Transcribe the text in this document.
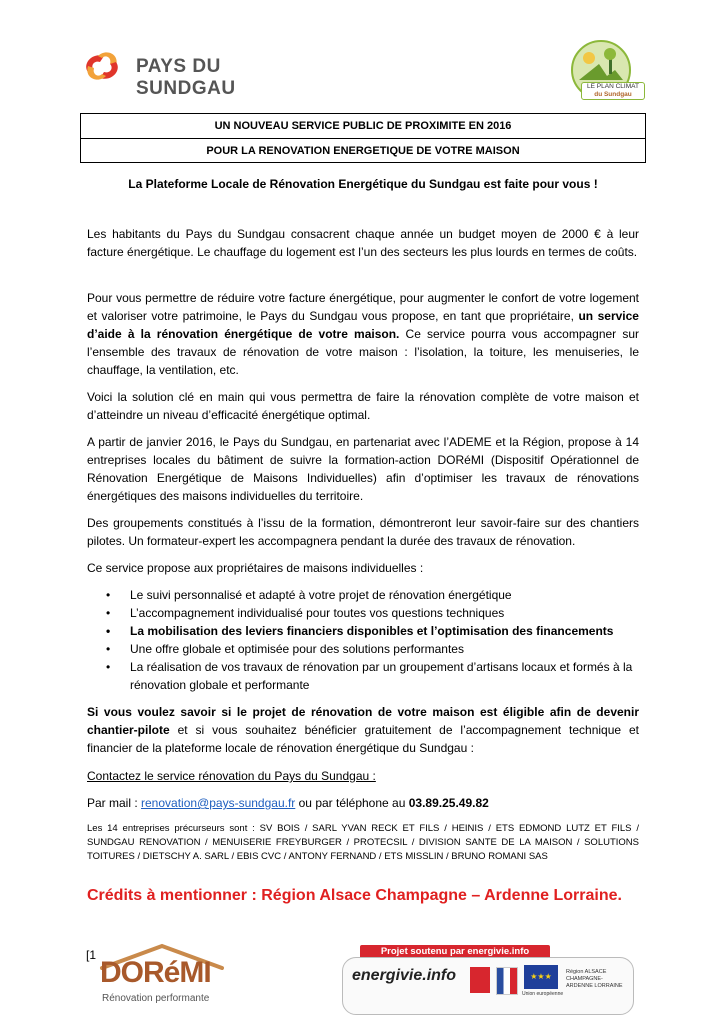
PAYS DU SUNDGAU	LE PLAN CLIMAT
du Sundgau
UN NOUVEAU SERVICE PUBLIC DE PROXIMITE EN 2016
POUR LA RENOVATION ENERGETIQUE DE VOTRE MAISON
La Plateforme Locale de Rénovation Energétique du Sundgau est faite pour vous !
Les habitants du Pays du Sundgau consacrent chaque année un budget moyen de 2000 € à leur facture énergétique. Le chauffage du logement est l’un des secteurs les plus lourds en termes de coûts.
Pour vous permettre de réduire votre facture énergétique, pour augmenter le confort de votre logement et valoriser votre patrimoine, le Pays du Sundgau vous propose, en tant que propriétaire, un service d’aide à la rénovation énergétique de votre maison. Ce service pourra vous accompagner sur l’ensemble des travaux de rénovation de votre maison : l’isolation, la toiture, les menuiseries, le chauffage, la ventilation, etc.
Voici la solution clé en main qui vous permettra de faire la rénovation complète de votre maison et d’atteindre un niveau d’efficacité énergétique optimal.
A partir de janvier 2016, le Pays du Sundgau, en partenariat avec l’ADEME et la Région, propose à 14 entreprises locales du bâtiment de suivre la formation-action DORéMI (Dispositif Opérationnel de Rénovation Energétique de Maisons Individuelles) afin d’optimiser les travaux de rénovations énergétiques des maisons individuelles du territoire.
Des groupements constitués à l’issu de la formation, démontreront leur savoir-faire sur des chantiers pilotes. Un formateur-expert les accompagnera pendant la durée des travaux de rénovation.
Ce service propose aux propriétaires de maisons individuelles :
• Le suivi personnalisé et adapté à votre projet de rénovation énergétique
• L’accompagnement individualisé pour toutes vos questions techniques
• La mobilisation des leviers financiers disponibles et l’optimisation des financements
• Une offre globale et optimisée pour des solutions performantes
• La réalisation de vos travaux de rénovation par un groupement d’artisans locaux et formés à la rénovation globale et performante
Si vous voulez savoir si le projet de rénovation de votre maison est éligible afin de devenir chantier-pilote et si vous souhaitez bénéficier gratuitement de l’accompagnement technique et financier de la plateforme locale de rénovation énergétique du Sundgau :
Contactez le service rénovation du Pays du Sundgau :
Par mail : renovation@pays-sundgau.fr ou par téléphone au 03.89.25.49.82
Les 14 entreprises précurseurs sont : SV BOIS / SARL YVAN RECK ET FILS / HEINIS / ETS EDMOND LUTZ ET FILS / SUNDGAU RENOVATION / MENUISERIE FREYBURGER / PROTECSIL / DIVISION SANTE DE LA MAISON / SOLUTIONS TOITURES / DIETSCHY A. SARL / EBIS CVC / ANTONY FERNAND / ETS MISSLIN / BRUNO ROMANI SAS
Crédits à mentionner : Région Alsace Champagne – Ardenne Lorraine.
[1
DORéMI
Rénovation performante
Projet soutenu par energivie.info
energivie.info	★★★
Union européenne
Région ALSACE CHAMPAGNE-ARDENNE LORRAINE
